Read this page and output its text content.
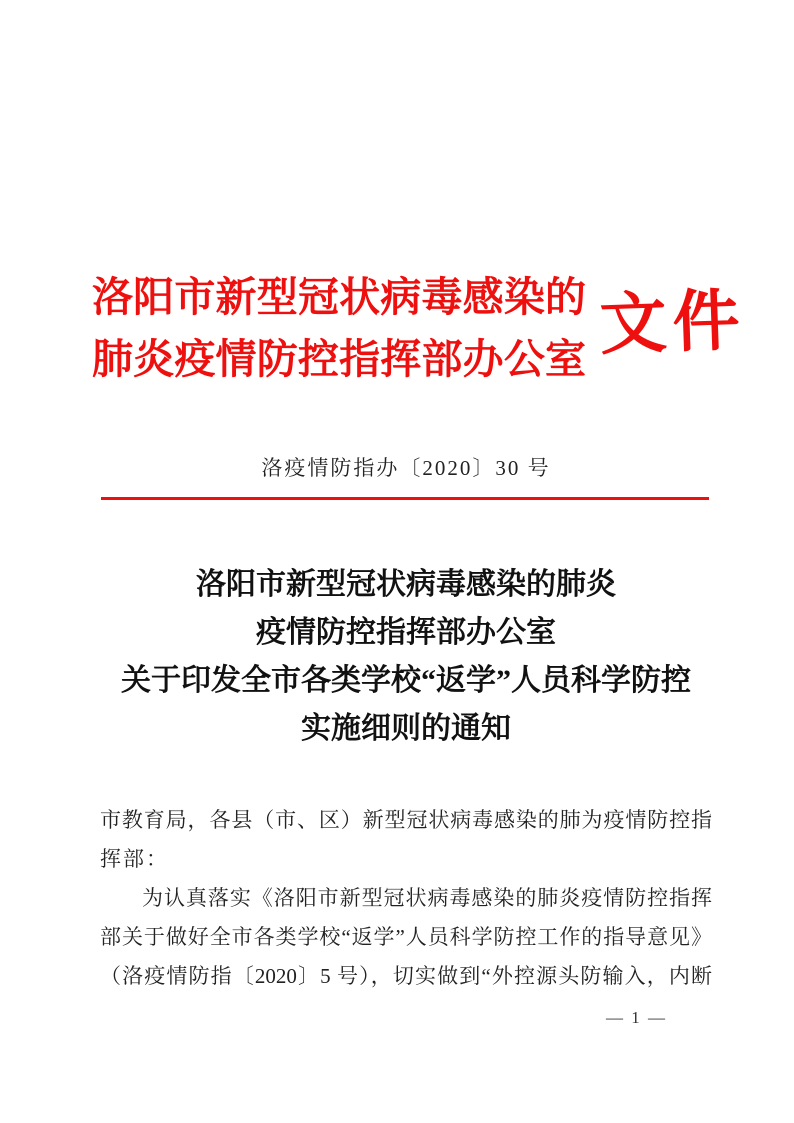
洛阳市新型冠状病毒感染的
肺炎疫情防控指挥部办公室 文件
洛疫情防指办〔2020〕30 号
洛阳市新型冠状病毒感染的肺炎
疫情防控指挥部办公室
关于印发全市各类学校“返学”人员科学防控
实施细则的通知
市教育局，各县（市、区）新型冠状病毒感染的肺为疫情防控指
挥部：
为认真落实《洛阳市新型冠状病毒感染的肺炎疫情防控指挥
部关于做好全市各类学校“返学”人员科学防控工作的指导意见》
（洛疫情防指〔2020〕5 号），切实做到“外控源头防输入，内断
— 1 —
